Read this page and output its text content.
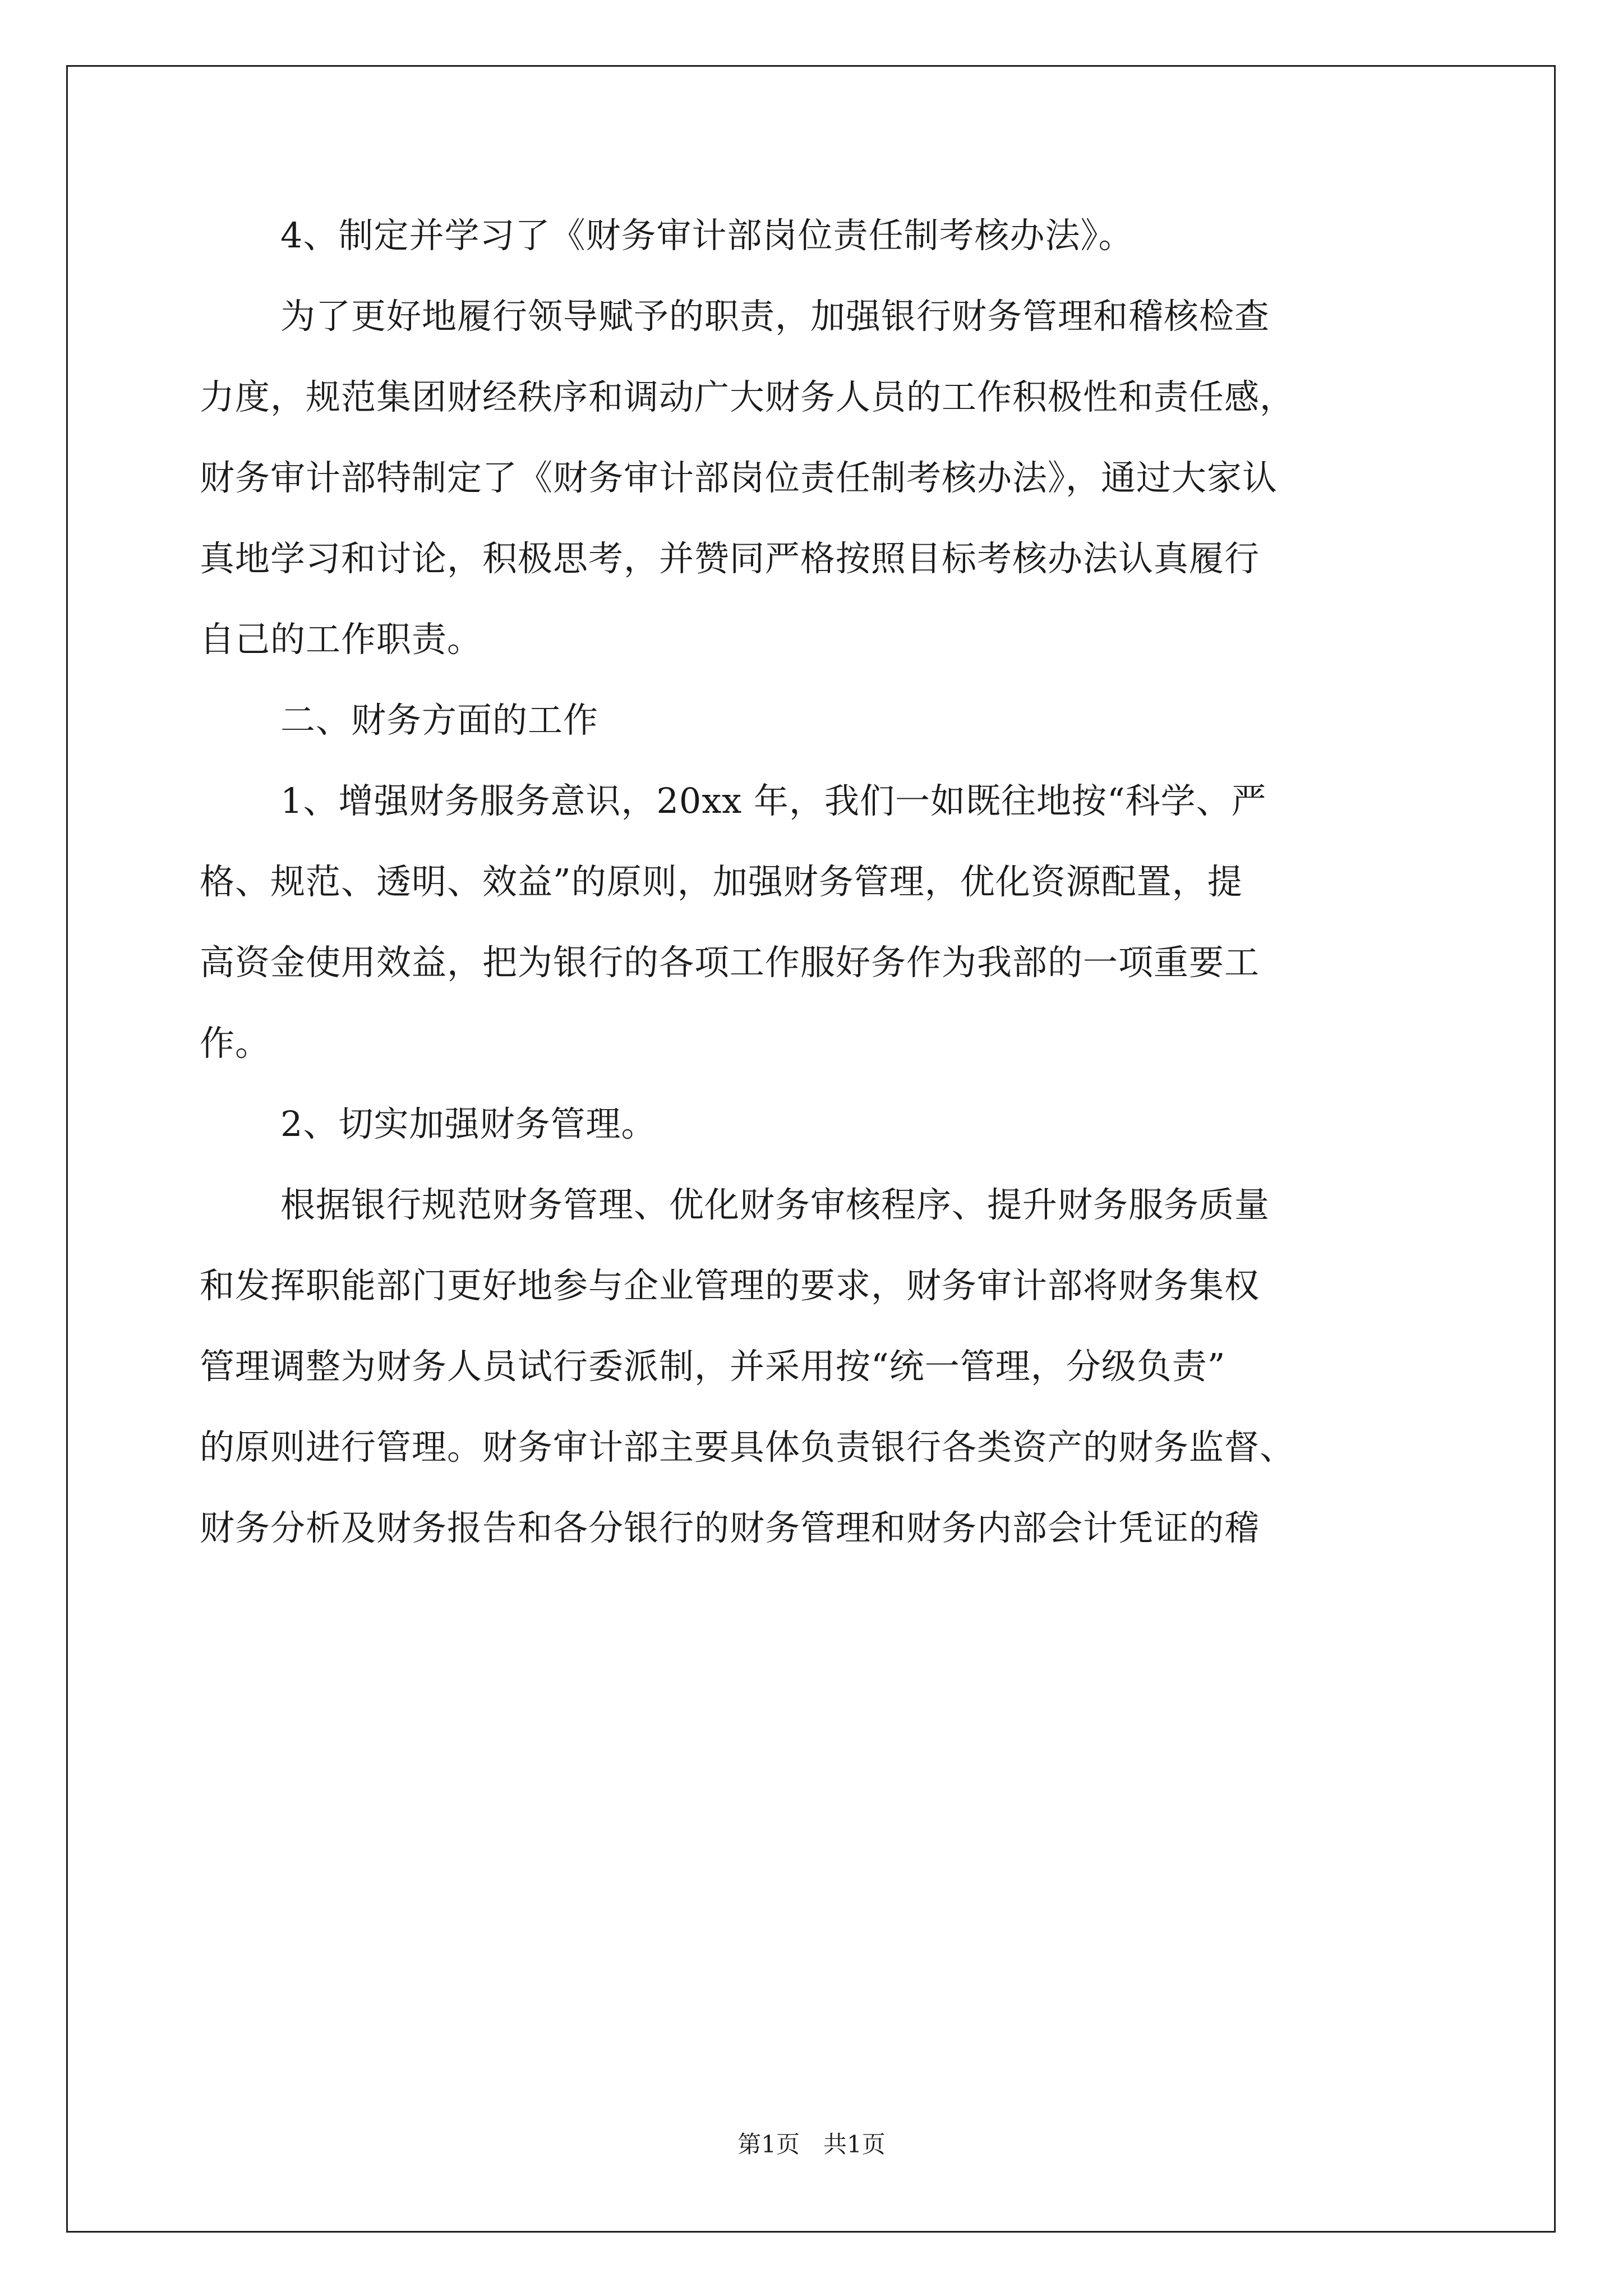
4、制定并学习了《财务审计部岗位责任制考核办法》。
为了更好地履行领导赋予的职责，加强银行财务管理和稽核检查
力度，规范集团财经秩序和调动广大财务人员的工作积极性和责任感，
财务审计部特制定了《财务审计部岗位责任制考核办法》，通过大家认
真地学习和讨论，积极思考，并赞同严格按照目标考核办法认真履行
自己的工作职责。
二、财务方面的工作
1、增强财务服务意识，20xx 年，我们一如既往地按“科学、严
格、规范、透明、效益”的原则，加强财务管理，优化资源配置，提
高资金使用效益，把为银行的各项工作服好务作为我部的一项重要工
作。
2、切实加强财务管理。
根据银行规范财务管理、优化财务审核程序、提升财务服务质量
和发挥职能部门更好地参与企业管理的要求，财务审计部将财务集权
管理调整为财务人员试行委派制，并采用按“统一管理，分级负责”
的原则进行管理。财务审计部主要具体负责银行各类资产的财务监督、
财务分析及财务报告和各分银行的财务管理和财务内部会计凭证的稽
第1页　共1页
